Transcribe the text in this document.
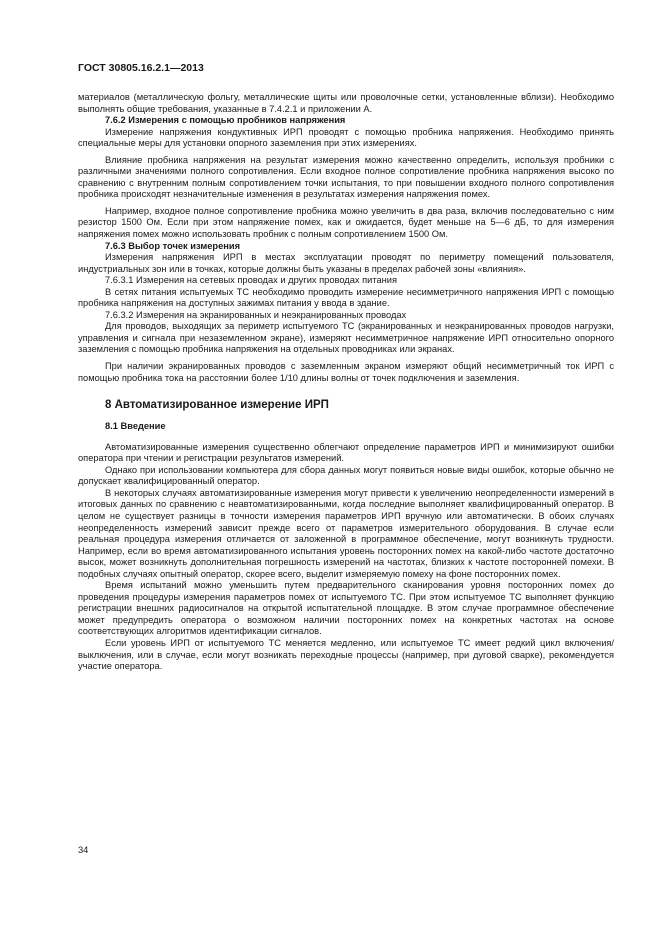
ГОСТ 30805.16.2.1—2013

материалов (металлическую фольгу, металлические щиты или проволочные сетки, установленные вблизи). Необходимо выполнять общие требования, указанные в 7.4.2.1 и приложении А.

7.6.2 Измерения с помощью пробников напряжения

Измерение напряжения кондуктивных ИРП проводят с помощью пробника напряжения. Необходимо принять специальные меры для установки опорного заземления при этих измерениях.

Влияние пробника напряжения на результат измерения можно качественно определить, используя пробники с различными значениями полного сопротивления. Если входное полное сопротивление пробника напряжения высоко по сравнению с внутренним полным сопротивлением точки испытания, то при повышении входного полного сопротивления пробника происходят незначительные изменения в результатах измерения напряжения помех.

Например, входное полное сопротивление пробника можно увеличить в два раза, включив последовательно с ним резистор 1500 Ом. Если при этом напряжение помех, как и ожидается, будет меньше на 5—6 дБ, то для измерения напряжения помех можно использовать пробник с полным сопротивлением 1500 Ом.

7.6.3 Выбор точек измерения

Измерения напряжения ИРП в местах эксплуатации проводят по периметру помещений пользователя, индустриальных зон или в точках, которые должны быть указаны в пределах рабочей зоны «влияния».

7.6.3.1 Измерения на сетевых проводах и других проводах питания

В сетях питания испытуемых ТС необходимо проводить измерение несимметричного напряжения ИРП с помощью пробника напряжения на доступных зажимах питания у ввода в здание.

7.6.3.2 Измерения на экранированных и неэкранированных проводах

Для проводов, выходящих за периметр испытуемого ТС (экранированных и неэкранированных проводов нагрузки, управления и сигнала при незаземленном экране), измеряют несимметричное напряжение ИРП относительно опорного заземления с помощью пробника напряжения на отдельных проводниках или экранах.

При наличии экранированных проводов с заземленным экраном измеряют общий несимметричный ток ИРП с помощью пробника тока на расстоянии более 1/10 длины волны от точек подключения и заземления.

8 Автоматизированное измерение ИРП
8.1 Введение

Автоматизированные измерения существенно облегчают определение параметров ИРП и минимизируют ошибки оператора при чтении и регистрации результатов измерений.

Однако при использовании компьютера для сбора данных могут появиться новые виды ошибок, которые обычно не допускает квалифицированный оператор.

В некоторых случаях автоматизированные измерения могут привести к увеличению неопределенности измерений в итоговых данных по сравнению с неавтоматизированными, когда последние выполняет квалифицированный оператор. В целом не существует разницы в точности измерения параметров ИРП вручную или автоматически. В обоих случаях неопределенность измерений зависит прежде всего от параметров измерительного оборудования. В случае если реальная процедура измерения отличается от заложенной в программное обеспечение, могут возникнуть трудности. Например, если во время автоматизированного испытания уровень посторонних помех на какой-либо частоте достаточно высок, может возникнуть дополнительная погрешность измерений на частотах, близких к частоте посторонней помехи. В подобных случаях опытный оператор, скорее всего, выделит измеряемую помеху на фоне посторонних помех.

Время испытаний можно уменьшить путем предварительного сканирования уровня посторонних помех до проведения процедуры измерения параметров помех от испытуемого ТС. При этом испытуемое ТС выполняет функцию регистрации внешних радиосигналов на открытой испытательной площадке. В этом случае программное обеспечение может предупредить оператора о возможном наличии посторонних помех на конкретных частотах на основе соответствующих алгоритмов идентификации сигналов.

Если уровень ИРП от испытуемого ТС меняется медленно, или испытуемое ТС имеет редкий цикл включения/выключения, или в случае, если могут возникать переходные процессы (например, при дуговой сварке), рекомендуется участие оператора.

34
